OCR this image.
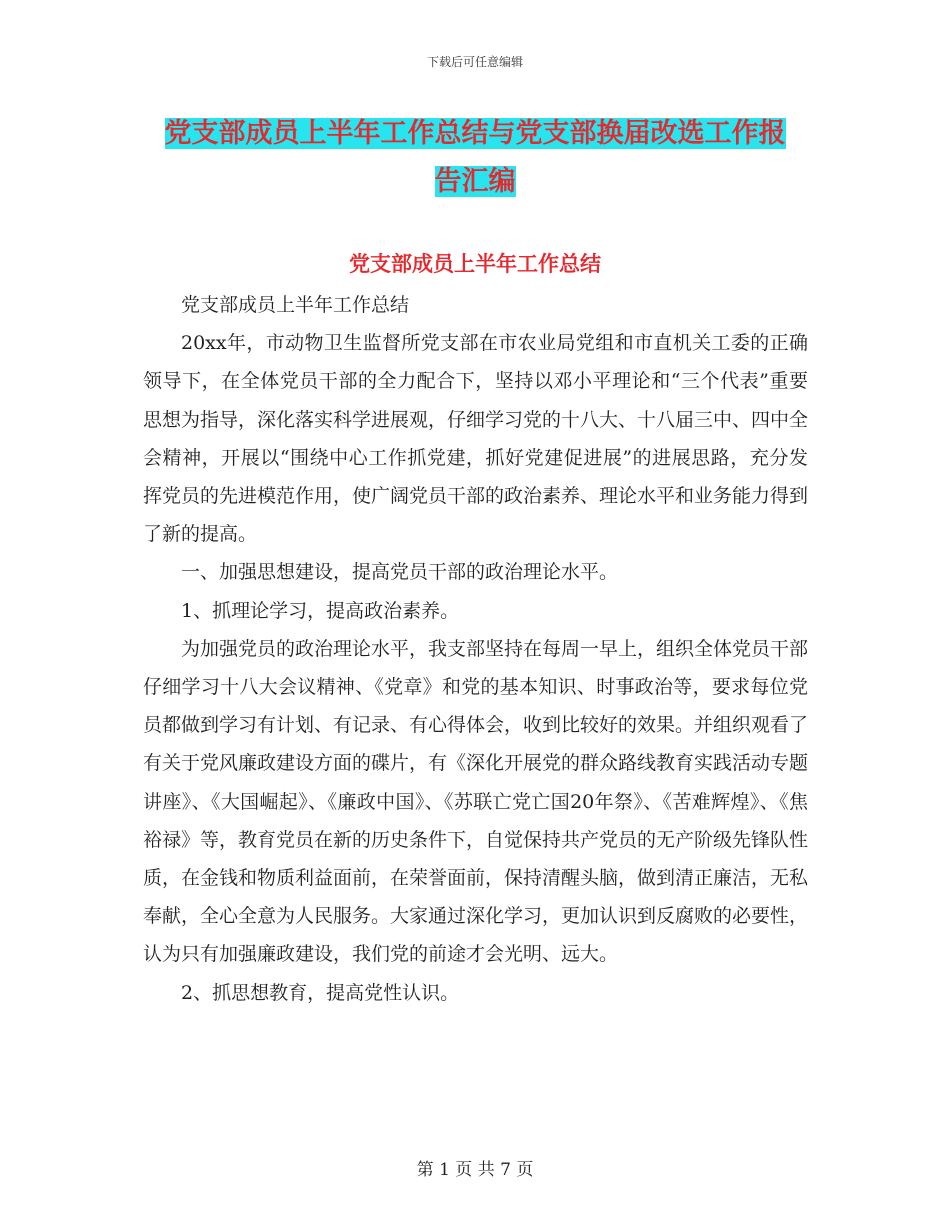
下载后可任意编辑
党支部成员上半年工作总结与党支部换届改选工作报
告汇编
党支部成员上半年工作总结

党支部成员上半年工作总结

20xx年，市动物卫生监督所党支部在市农业局党组和市直机关工委的正确领导下，在全体党员干部的全力配合下，坚持以邓小平理论和“三个代表”重要思想为指导，深化落实科学进展观，仔细学习党的十八大、十八届三中、四中全会精神，开展以“围绕中心工作抓党建，抓好党建促进展”的进展思路，充分发挥党员的先进模范作用，使广阔党员干部的政治素养、理论水平和业务能力得到了新的提高。

一、加强思想建设，提高党员干部的政治理论水平。

1、抓理论学习，提高政治素养。

为加强党员的政治理论水平，我支部坚持在每周一早上，组织全体党员干部仔细学习十八大会议精神、《党章》和党的基本知识、时事政治等，要求每位党员都做到学习有计划、有记录、有心得体会，收到比较好的效果。并组织观看了有关于党风廉政建设方面的碟片，有《深化开展党的群众路线教育实践活动专题讲座》、《大国崛起》、《廉政中国》、《苏联亡党亡国20年祭》、《苦难辉煌》、《焦裕禄》等，教育党员在新的历史条件下，自觉保持共产党员的无产阶级先锋队性质，在金钱和物质利益面前，在荣誉面前，保持清醒头脑，做到清正廉洁，无私奉献，全心全意为人民服务。大家通过深化学习，更加认识到反腐败的必要性，认为只有加强廉政建设，我们党的前途才会光明、远大。

2、抓思想教育，提高党性认识。

第 1 页 共 7 页
